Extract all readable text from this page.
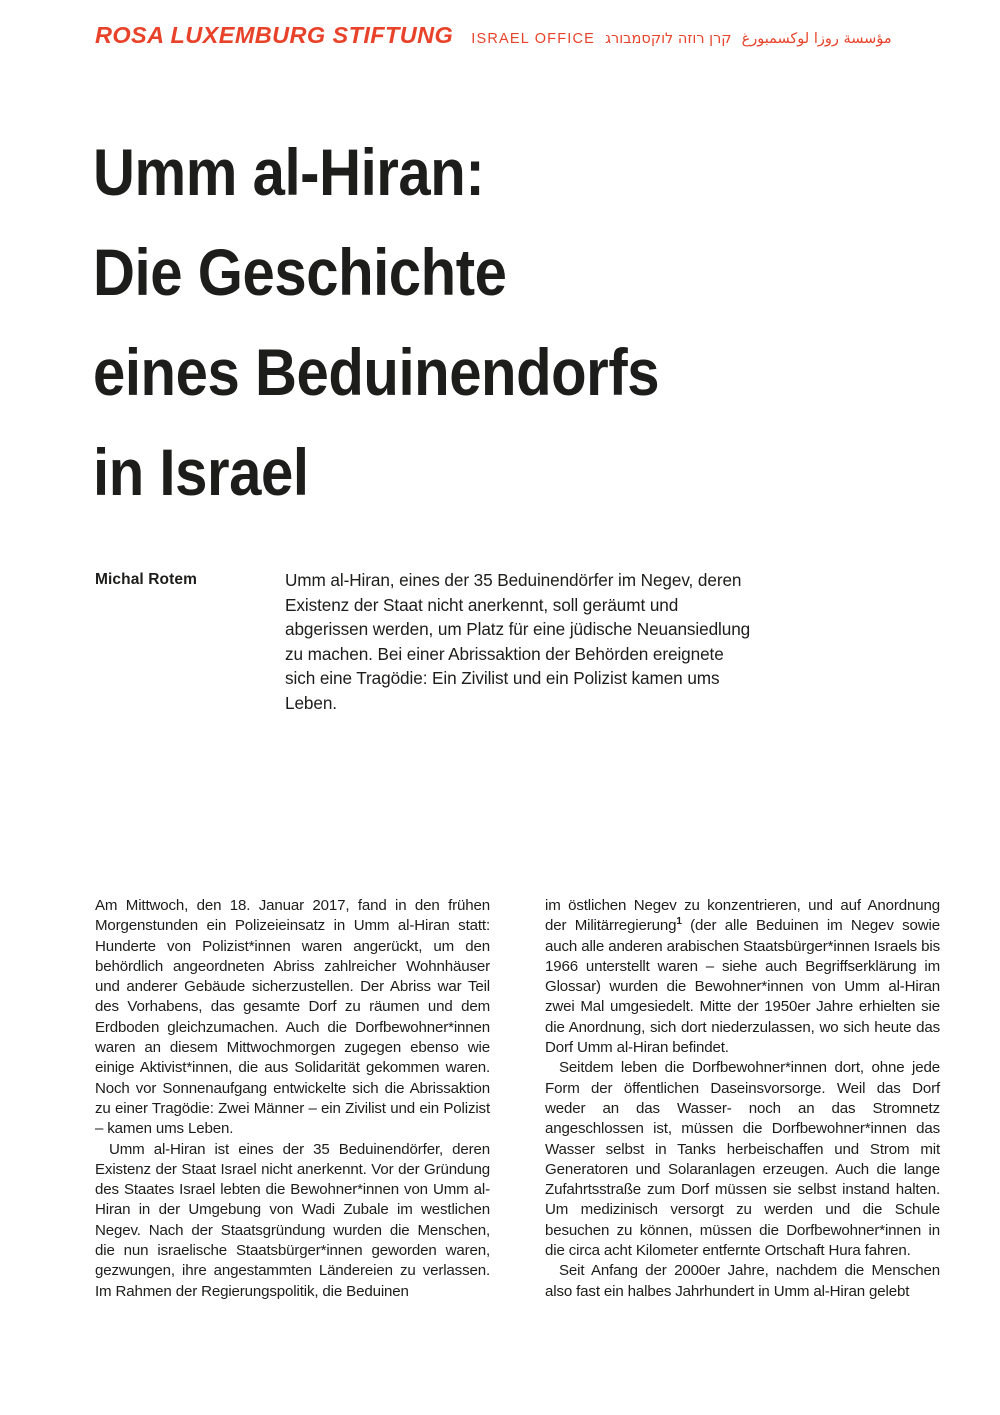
ROSA LUXEMBURG STIFTUNG ISRAEL OFFICE קרן רוזה לוקסמבורג مؤسسة روزا لوكسمبورغ
Umm al-Hiran:
Die Geschichte
eines Beduinendorfs
in Israel
Michal Rotem	Umm al-Hiran, eines der 35 Beduinendörfer im Negev, deren Existenz der Staat nicht anerkennt, soll geräumt und abgerissen werden, um Platz für eine jüdische Neuansiedlung zu machen. Bei einer Abrissaktion der Behörden ereignete sich eine Tragödie: Ein Zivilist und ein Polizist kamen ums Leben.

Am Mittwoch, den 18. Januar 2017, fand in den frühen Morgenstunden ein Polizeieinsatz in Umm al-Hiran statt: Hunderte von Polizist*innen waren angerückt, um den behördlich angeordneten Abriss zahlreicher Wohnhäuser und anderer Gebäude sicherzustellen. Der Abriss war Teil des Vorhabens, das gesamte Dorf zu räumen und dem Erdboden gleichzumachen. Auch die Dorfbewohner*innen waren an diesem Mittwochmorgen zugegen ebenso wie einige Aktivist*innen, die aus Solidarität gekommen waren. Noch vor Sonnenaufgang entwickelte sich die Abrissaktion zu einer Tragödie: Zwei Männer – ein Zivilist und ein Polizist – kamen ums Leben.

Umm al-Hiran ist eines der 35 Beduinendörfer, deren Existenz der Staat Israel nicht anerkennt. Vor der Gründung des Staates Israel lebten die Bewohner*innen von Umm al-Hiran in der Umgebung von Wadi Zubale im westlichen Negev. Nach der Staatsgründung wurden die Menschen, die nun israelische Staatsbürger*innen geworden waren, gezwungen, ihre angestammten Ländereien zu verlassen. Im Rahmen der Regierungspolitik, die Beduinen

im östlichen Negev zu konzentrieren, und auf Anordnung der Militärregierung$^1$ (der alle Beduinen im Negev sowie auch alle anderen arabischen Staatsbürger*innen Israels bis 1966 unterstellt waren – siehe auch Begriffserklärung im Glossar) wurden die Bewohner*innen von Umm al-Hiran zwei Mal umgesiedelt. Mitte der 1950er Jahre erhielten sie die Anordnung, sich dort niederzulassen, wo sich heute das Dorf Umm al-Hiran befindet.

Seitdem leben die Dorfbewohner*innen dort, ohne jede Form der öffentlichen Daseinsvorsorge. Weil das Dorf weder an das Wasser- noch an das Stromnetz angeschlossen ist, müssen die Dorfbewohner*innen das Wasser selbst in Tanks herbeischaffen und Strom mit Generatoren und Solaranlagen erzeugen. Auch die lange Zufahrtsstraße zum Dorf müssen sie selbst instand halten. Um medizinisch versorgt zu werden und die Schule besuchen zu können, müssen die Dorfbewohner*innen in die circa acht Kilometer entfernte Ortschaft Hura fahren.

Seit Anfang der 2000er Jahre, nachdem die Menschen also fast ein halbes Jahrhundert in Umm al-Hiran gelebt
